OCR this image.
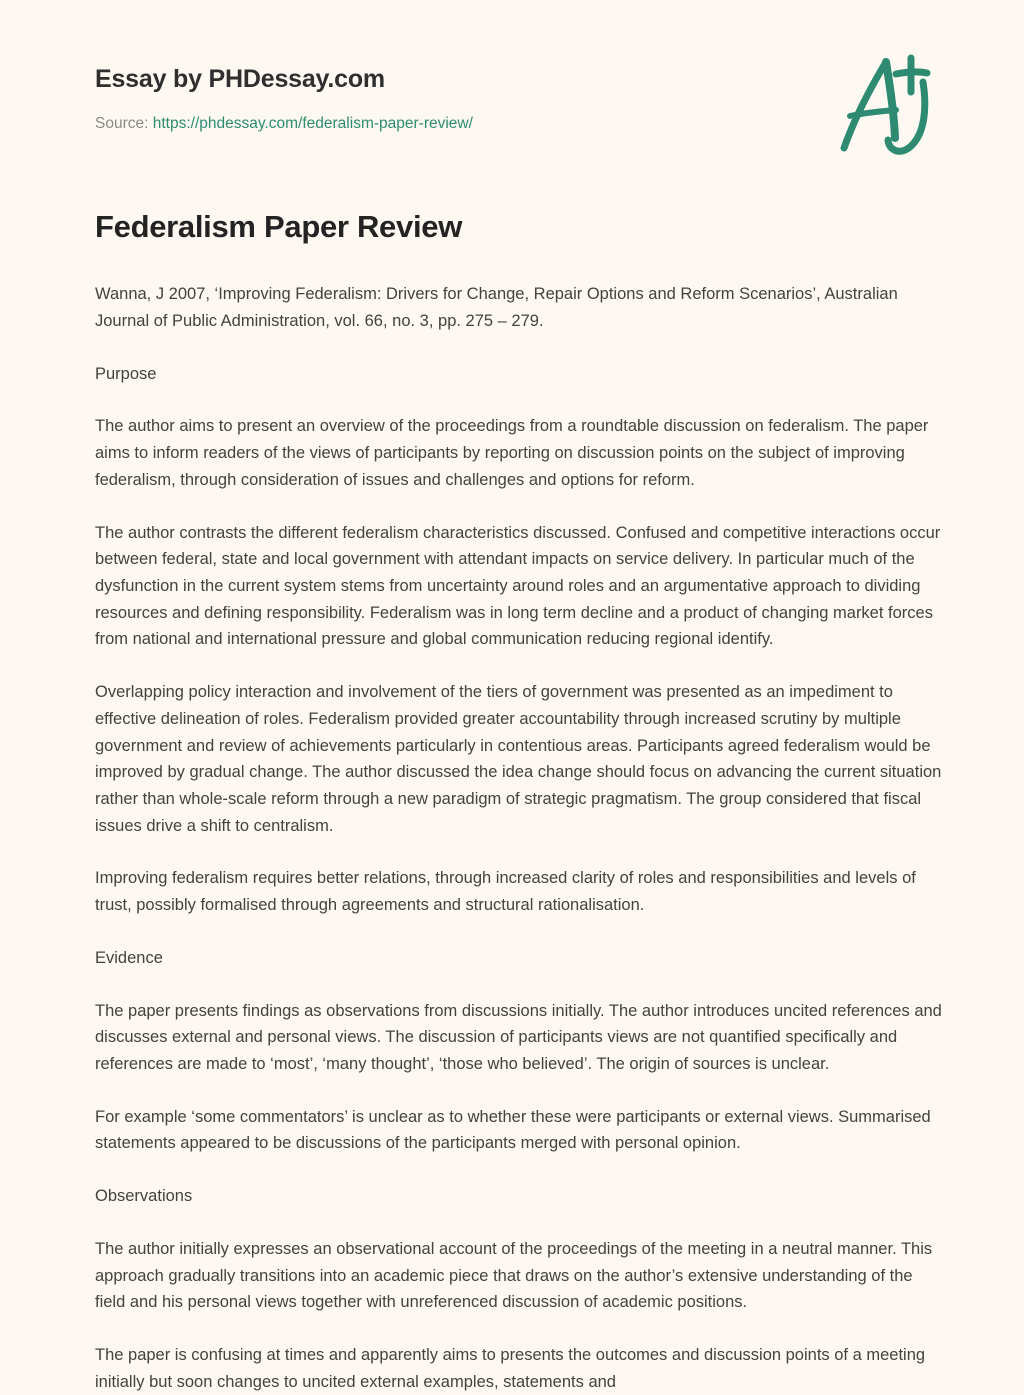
Essay by PHDessay.com
Source: https://phdessay.com/federalism-paper-review/
Federalism Paper Review

Wanna, J 2007, ‘Improving Federalism: Drivers for Change, Repair Options and Reform Scenarios’, Australian Journal of Public Administration, vol. 66, no. 3, pp. 275 – 279.

Purpose

The author aims to present an overview of the proceedings from a roundtable discussion on federalism. The paper aims to inform readers of the views of participants by reporting on discussion points on the subject of improving federalism, through consideration of issues and challenges and options for reform.

The author contrasts the different federalism characteristics discussed. Confused and competitive interactions occur between federal, state and local government with attendant impacts on service delivery. In particular much of the dysfunction in the current system stems from uncertainty around roles and an argumentative approach to dividing resources and defining responsibility. Federalism was in long term decline and a product of changing market forces from national and international pressure and global communication reducing regional identify.

Overlapping policy interaction and involvement of the tiers of government was presented as an impediment to effective delineation of roles. Federalism provided greater accountability through increased scrutiny by multiple government and review of achievements particularly in contentious areas. Participants agreed federalism would be improved by gradual change. The author discussed the idea change should focus on advancing the current situation rather than whole-scale reform through a new paradigm of strategic pragmatism. The group considered that fiscal issues drive a shift to centralism.

Improving federalism requires better relations, through increased clarity of roles and responsibilities and levels of trust, possibly formalised through agreements and structural rationalisation.

Evidence

The paper presents findings as observations from discussions initially. The author introduces uncited references and discusses external and personal views. The discussion of participants views are not quantified specifically and references are made to ‘most’, ‘many thought’, ‘those who believed’. The origin of sources is unclear.

For example ‘some commentators’ is unclear as to whether these were participants or external views. Summarised statements appeared to be discussions of the participants merged with personal opinion.

Observations

The author initially expresses an observational account of the proceedings of the meeting in a neutral manner. This approach gradually transitions into an academic piece that draws on the author’s extensive understanding of the field and his personal views together with unreferenced discussion of academic positions.

The paper is confusing at times and apparently aims to presents the outcomes and discussion points of a meeting initially but soon changes to uncited external examples, statements and
